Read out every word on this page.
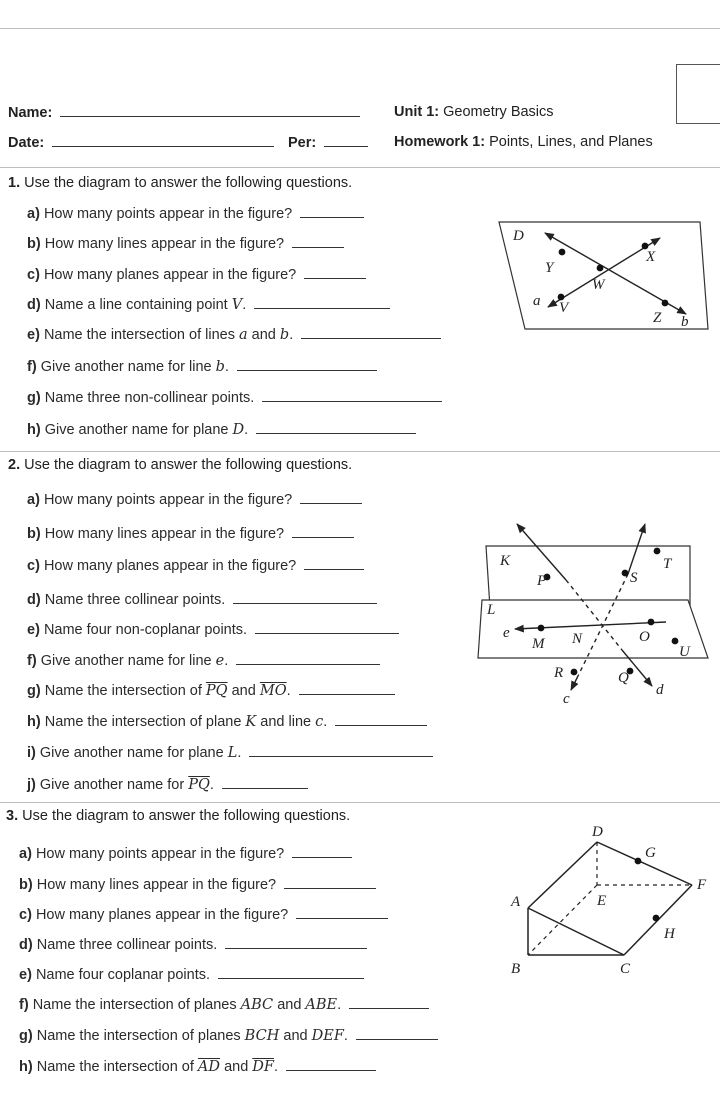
Name:	Unit 1: Geometry Basics
Date:	Per:	Homework 1: Points, Lines, and Planes
1. Use the diagram to answer the following questions.
a) How many points appear in the figure?
b) How many lines appear in the figure?
c) How many planes appear in the figure?
d) Name a line containing point V.
e) Name the intersection of lines a and b.
f) Give another name for line b.
g) Name three non-collinear points.
h) Give another name for plane D.
D
Y
X
W
a V
Z b
2. Use the diagram to answer the following questions.
a) How many points appear in the figure?
b) How many lines appear in the figure?
c) How many planes appear in the figure?
d) Name three collinear points.
e) Name four non-coplanar points.
f) Give another name for line e.
g) Name the intersection of $\overline{PQ}$ and $\overline{MO}$.
h) Name the intersection of plane K and line c.
i) Give another name for plane L.
j) Give another name for $\overline{PQ}$.
K	T
P	S
L
e
M N	O
U
R	Q
d
c
3. Use the diagram to answer the following questions.
a) How many points appear in the figure?
b) How many lines appear in the figure?
c) How many planes appear in the figure?
d) Name three collinear points.
e) Name four coplanar points.
f) Name the intersection of planes ABC and ABE.
g) Name the intersection of planes BCH and DEF.
h) Name the intersection of $\overline{AD}$ and $\overline{DF}$.
D
G
F
A	E
H
B	C
